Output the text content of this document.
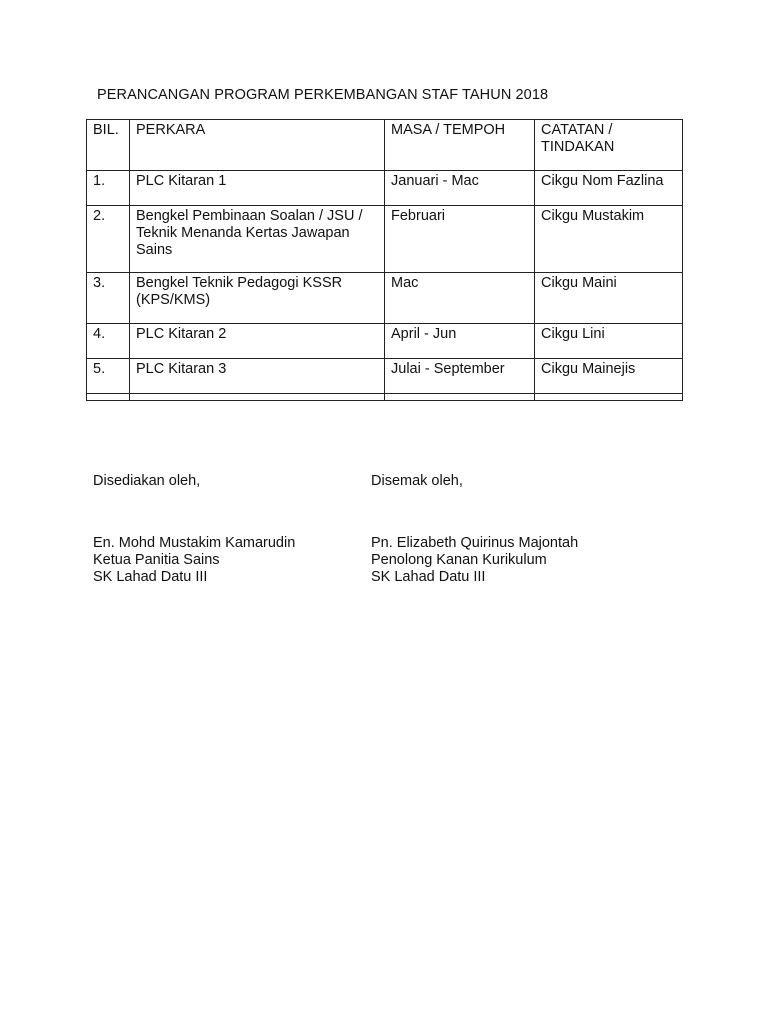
PERANCANGAN PROGRAM PERKEMBANGAN STAF TAHUN 2018
BIL.	PERKARA	MASA / TEMPOH	CATATAN /
TINDAKAN
1.	PLC Kitaran 1	Januari - Mac	Cikgu Nom Fazlina
2.	Bengkel Pembinaan Soalan / JSU / Teknik Menanda Kertas Jawapan Sains	Februari	Cikgu Mustakim
3.	Bengkel Teknik Pedagogi KSSR (KPS/KMS)	Mac	Cikgu Maini
4.	PLC Kitaran 2	April - Jun	Cikgu Lini
5.	PLC Kitaran 3	Julai - September	Cikgu Mainejis

Disediakan oleh,	Disemak oleh,
En. Mohd Mustakim Kamarudin
Ketua Panitia Sains
SK Lahad Datu III
Pn. Elizabeth Quirinus Majontah
Penolong Kanan Kurikulum
SK Lahad Datu III
